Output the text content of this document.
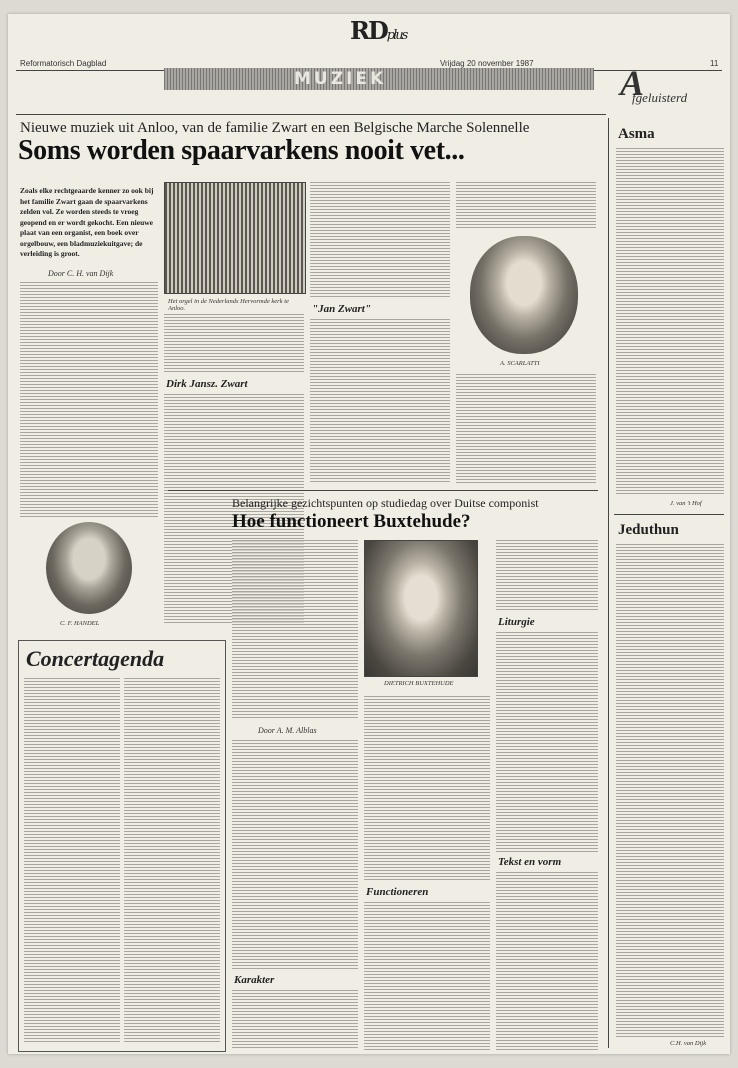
RDplus
Reformatorisch Dagblad	Vrijdag 20 november 1987	11
MUZIEK	A
fgeluisterd
Nieuwe muziek uit Anloo, van de familie Zwart en een Belgische Marche Solennelle
Soms worden spaarvarkens nooit vet...
Zoals elke rechtgeaarde kenner zo ook bij het familie Zwart gaan de spaarvarkens zelden vol. Ze worden steeds te vroeg geopend en er wordt gekocht. Een nieuwe plaat van een organist, een boek over orgelbouw, een bladmuziekuitgave; de verleiding is groot.
Door C. H. van Dijk
C. F. HANDEL
Het orgel in de Nederlands Hervormde kerk te Anloo.
Dirk Jansz. Zwart
"Jan Zwart"
A. SCARLATTI
Belangrijke gezichtspunten op studiedag over Duitse componist
Hoe functioneert Buxtehude?
Door A. M. Alblas
Karakter
DIETRICH BUXTEHUDE
Functioneren
Liturgie
Tekst en vorm
Concertagenda
Asma
J. van 't Hof
Jeduthun
C.H. van Dijk
